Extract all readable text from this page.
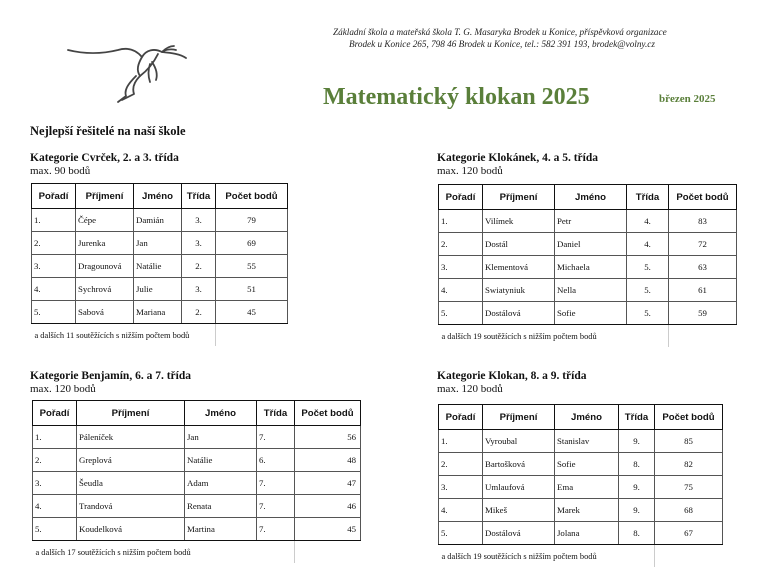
Základní škola a mateřská škola T. G. Masaryka Brodek u Konice, příspěvková organizace
Brodek u Konice 265, 798 46 Brodek u Konice, tel.: 582 391 193, brodek@volny.cz
Matematický klokan 2025	březen 2025
Nejlepší řešitelé na naší škole
Kategorie Cvrček, 2. a 3. třída
max. 90 bodů
Pořadí	Příjmení	Jméno	Třída	Počet bodů
1.	Čépe	Damián	3.	79
2.	Jurenka	Jan	3.	69
3.	Dragounová	Natálie	2.	55
4.	Sychrová	Julie	3.	51
5.	Sabová	Mariana	2.	45
a dalších 11 soutěžících s nižším počtem bodů				
Kategorie Klokánek, 4. a 5. třída
max. 120 bodů
Pořadí	Příjmení	Jméno	Třída	Počet bodů
1.	Vilímek	Petr	4.	83
2.	Dostál	Daniel	4.	72
3.	Klementová	Michaela	5.	63
4.	Swiatyniuk	Nella	5.	61
5.	Dostálová	Sofie	5.	59
a dalších 19 soutěžících s nižším počtem bodů				
Kategorie Benjamín, 6. a 7. třída
max. 120 bodů
Pořadí	Příjmení	Jméno	Třída	Počet bodů
1.	Páleníček	Jan	7.	56
2.	Greplová	Natálie	6.	48
3.	Šeudla	Adam	7.	47
4.	Trandová	Renata	7.	46
5.	Koudelková	Martina	7.	45
a dalších 17 soutěžících s nižším počtem bodů				
Kategorie Klokan, 8. a 9. třída
max. 120 bodů
Pořadí	Příjmení	Jméno	Třída	Počet bodů
1.	Vyroubal	Stanislav	9.	85
2.	Bartošková	Sofie	8.	82
3.	Umlaufová	Ema	9.	75
4.	Mikeš	Marek	9.	68
5.	Dostálová	Jolana	8.	67
a dalších 19 soutěžících s nižším počtem bodů				
